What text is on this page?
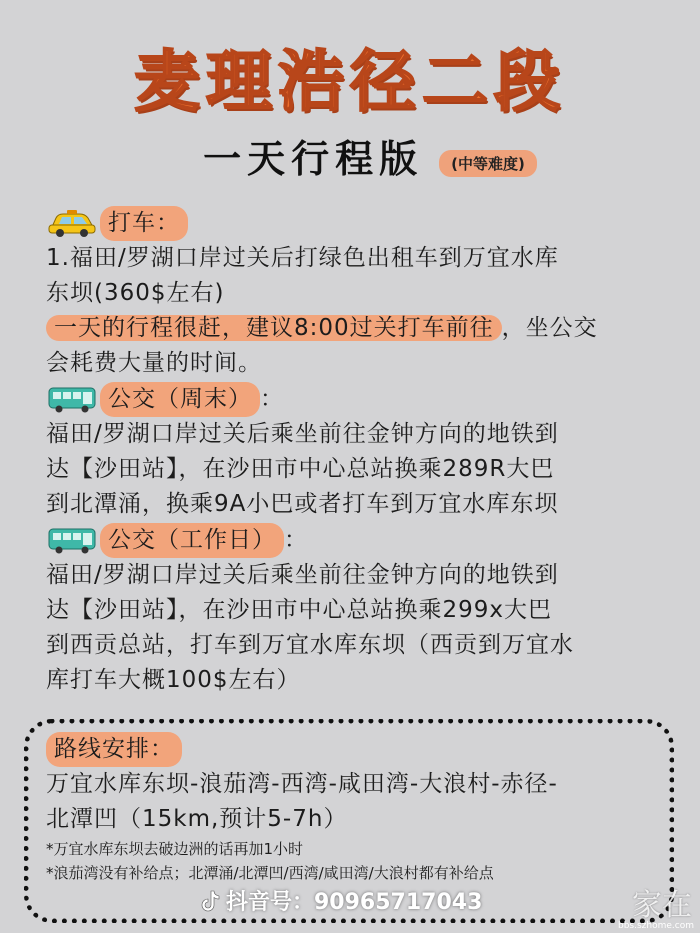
麦理浩径二段
一天行程版	(中等难度)
打车：
1.福田/罗湖口岸过关后打绿色出租车到万宜水库
东坝(360$左右)
一天的行程很赶，建议8:00过关打车前往 ，坐公交
会耗费大量的时间。
公交（周末） ：
福田/罗湖口岸过关后乘坐前往金钟方向的地铁到
达【沙田站】，在沙田市中心总站换乘289R大巴
到北潭涌，换乘9A小巴或者打车到万宜水库东坝
公交（工作日） ：
福田/罗湖口岸过关后乘坐前往金钟方向的地铁到
达【沙田站】，在沙田市中心总站换乘299x大巴
到西贡总站，打车到万宜水库东坝（西贡到万宜水
库打车大概100$左右）
路线安排：
万宜水库东坝-浪茄湾-西湾-咸田湾-大浪村-赤径-
北潭凹（15km,预计5-7h）
*万宜水库东坝去破边洲的话再加1小时
*浪茄湾没有补给点；北潭涌/北潭凹/西湾/咸田湾/大浪村都有补给点
抖音号：90965717043	家在
bbs.szhome.com
